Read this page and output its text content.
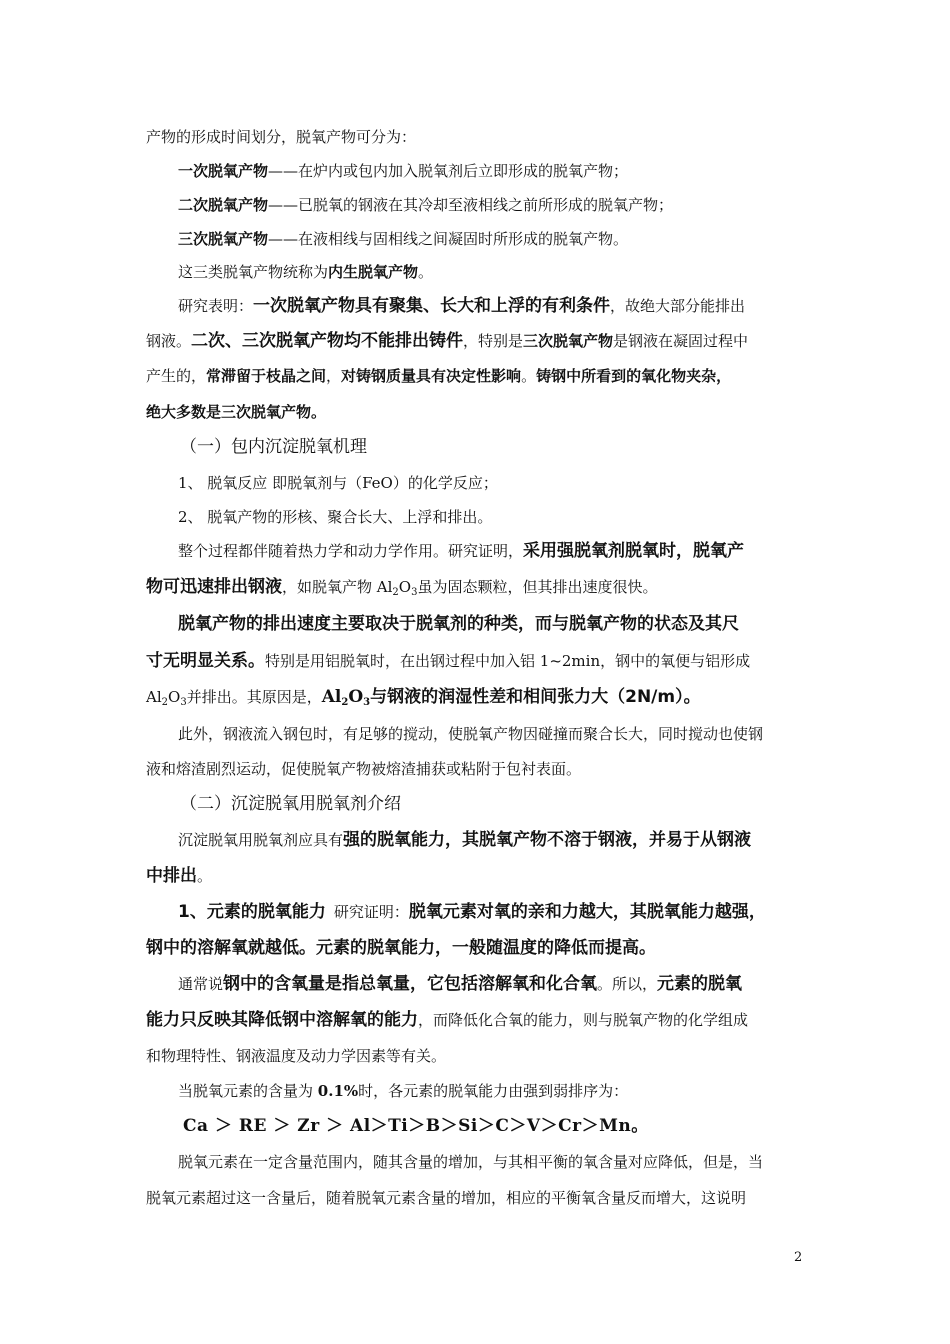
产物的形成时间划分，脱氧产物可分为：
一次脱氧产物——在炉内或包内加入脱氧剂后立即形成的脱氧产物；
二次脱氧产物——已脱氧的钢液在其冷却至液相线之前所形成的脱氧产物；
三次脱氧产物——在液相线与固相线之间凝固时所形成的脱氧产物。
这三类脱氧产物统称为内生脱氧产物。
研究表明：一次脱氧产物具有聚集、长大和上浮的有利条件，故绝大部分能排出
钢液。二次、三次脱氧产物均不能排出铸件，特别是三次脱氧产物是钢液在凝固过程中
产生的，常滞留于枝晶之间，对铸钢质量具有决定性影响。铸钢中所看到的氧化物夹杂，
绝大多数是三次脱氧产物。
（一）包内沉淀脱氧机理
1、 脱氧反应 即脱氧剂与（FeO）的化学反应；
2、 脱氧产物的形核、聚合长大、上浮和排出。
整个过程都伴随着热力学和动力学作用。研究证明，采用强脱氧剂脱氧时，脱氧产
物可迅速排出钢液，如脱氧产物 $Al_2O_3$虽为固态颗粒，但其排出速度很快。
脱氧产物的排出速度主要取决于脱氧剂的种类，而与脱氧产物的状态及其尺
寸无明显关系。特别是用铝脱氧时，在出钢过程中加入铝 1~2min，钢中的氧便与铝形成
$Al_2O_3$并排出。其原因是，$Al_2O_3$与钢液的润湿性差和相间张力大（2N/m）。
此外，钢液流入钢包时，有足够的搅动，使脱氧产物因碰撞而聚合长大，同时搅动也使钢
液和熔渣剧烈运动，促使脱氧产物被熔渣捕获或粘附于包衬表面。
（二）沉淀脱氧用脱氧剂介绍
沉淀脱氧用脱氧剂应具有强的脱氧能力，其脱氧产物不溶于钢液，并易于从钢液
中排出。
1、元素的脱氧能力 研究证明：脱氧元素对氧的亲和力越大，其脱氧能力越强，
钢中的溶解氧就越低。元素的脱氧能力，一般随温度的降低而提高。
通常说钢中的含氧量是指总氧量，它包括溶解氧和化合氧。所以，元素的脱氧
能力只反映其降低钢中溶解氧的能力，而降低化合氧的能力，则与脱氧产物的化学组成
和物理特性、钢液温度及动力学因素等有关。
当脱氧元素的含量为 0.1%时，各元素的脱氧能力由强到弱排序为：
Ca ＞ RE ＞ Zr ＞ Al＞Ti＞B＞Si＞C＞V＞Cr＞Mn。
脱氧元素在一定含量范围内，随其含量的增加，与其相平衡的氧含量对应降低，但是，当
脱氧元素超过这一含量后，随着脱氧元素含量的增加，相应的平衡氧含量反而增大，这说明
2
